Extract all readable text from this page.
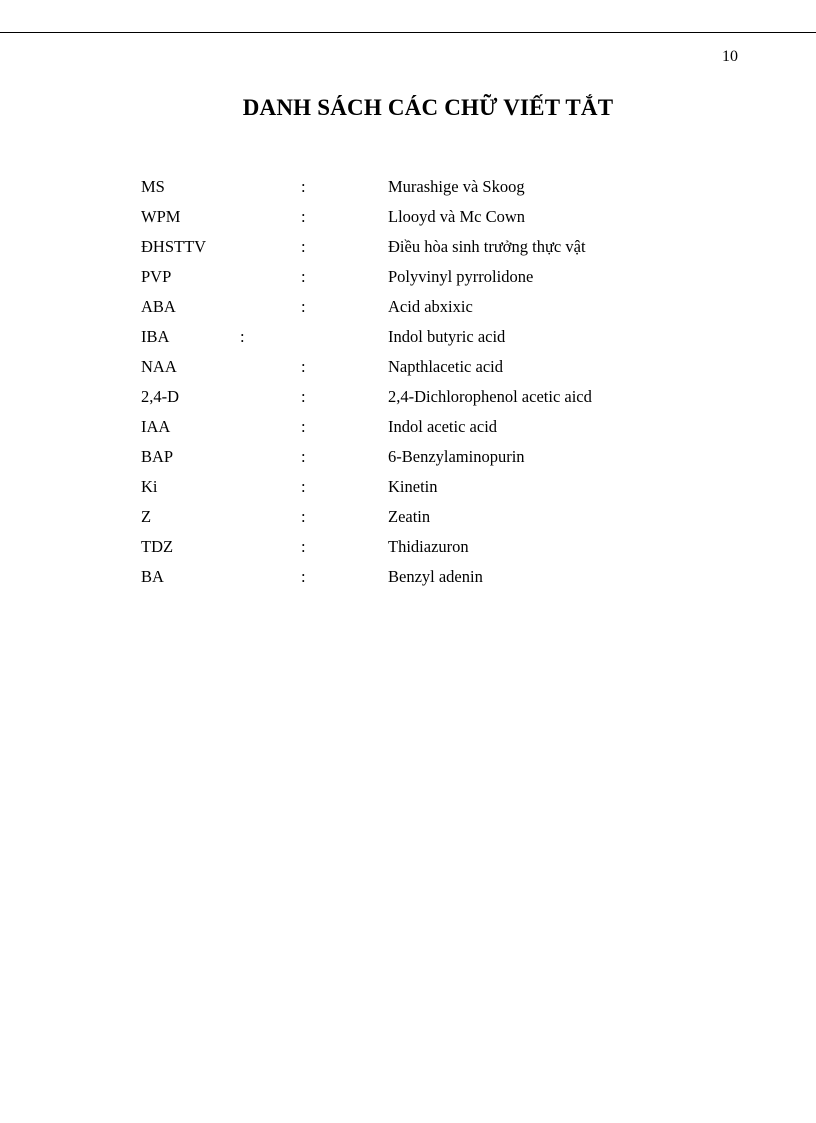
10
DANH SÁCH CÁC CHỮ VIẾT TẮT
MS	:	Murashige và Skoog
WPM	:	Llooyd và Mc Cown
ĐHSTTV	:	Điều hòa sinh trưởng thực vật
PVP	:	Polyvinyl pyrrolidone
ABA	:	Acid abxixic
IBA	:	Indol butyric acid
NAA	:	Napthlacetic acid
2,4-D	:	2,4-Dichlorophenol acetic aicd
IAA	:	Indol acetic acid
BAP	:	6-Benzylaminopurin
Ki	:	Kinetin
Z	:	Zeatin
TDZ	:	Thidiazuron
BA	:	Benzyl adenin
